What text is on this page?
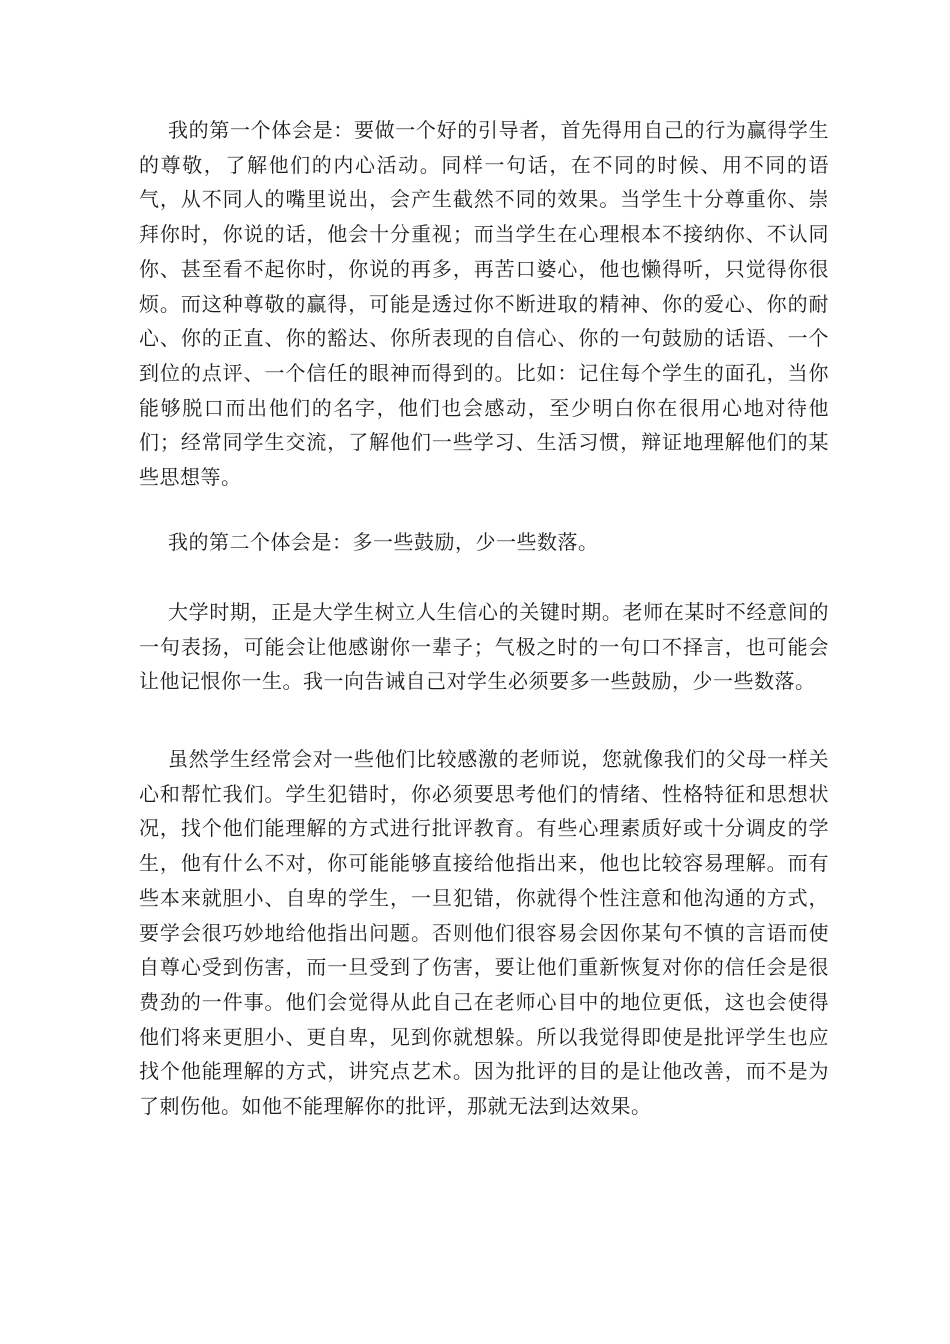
我的第一个体会是：要做一个好的引导者，首先得用自己的行为赢得学生的尊敬，了解他们的内心活动。同样一句话，在不同的时候、用不同的语气，从不同人的嘴里说出，会产生截然不同的效果。当学生十分尊重你、崇拜你时，你说的话，他会十分重视；而当学生在心理根本不接纳你、不认同你、甚至看不起你时，你说的再多，再苦口婆心，他也懒得听，只觉得你很烦。而这种尊敬的赢得，可能是透过你不断进取的精神、你的爱心、你的耐心、你的正直、你的豁达、你所表现的自信心、你的一句鼓励的话语、一个到位的点评、一个信任的眼神而得到的。比如：记住每个学生的面孔，当你能够脱口而出他们的名字，他们也会感动，至少明白你在很用心地对待他们；经常同学生交流，了解他们一些学习、生活习惯，辩证地理解他们的某些思想等。

我的第二个体会是：多一些鼓励，少一些数落。

大学时期，正是大学生树立人生信心的关键时期。老师在某时不经意间的一句表扬，可能会让他感谢你一辈子；气极之时的一句口不择言，也可能会让他记恨你一生。我一向告诫自己对学生必须要多一些鼓励，少一些数落。

虽然学生经常会对一些他们比较感激的老师说，您就像我们的父母一样关心和帮忙我们。学生犯错时，你必须要思考他们的情绪、性格特征和思想状况，找个他们能理解的方式进行批评教育。有些心理素质好或十分调皮的学生，他有什么不对，你可能能够直接给他指出来，他也比较容易理解。而有些本来就胆小、自卑的学生，一旦犯错，你就得个性注意和他沟通的方式，要学会很巧妙地给他指出问题。否则他们很容易会因你某句不慎的言语而使自尊心受到伤害，而一旦受到了伤害，要让他们重新恢复对你的信任会是很费劲的一件事。他们会觉得从此自己在老师心目中的地位更低，这也会使得他们将来更胆小、更自卑，见到你就想躲。所以我觉得即使是批评学生也应找个他能理解的方式，讲究点艺术。因为批评的目的是让他改善，而不是为了刺伤他。如他不能理解你的批评，那就无法到达效果。
